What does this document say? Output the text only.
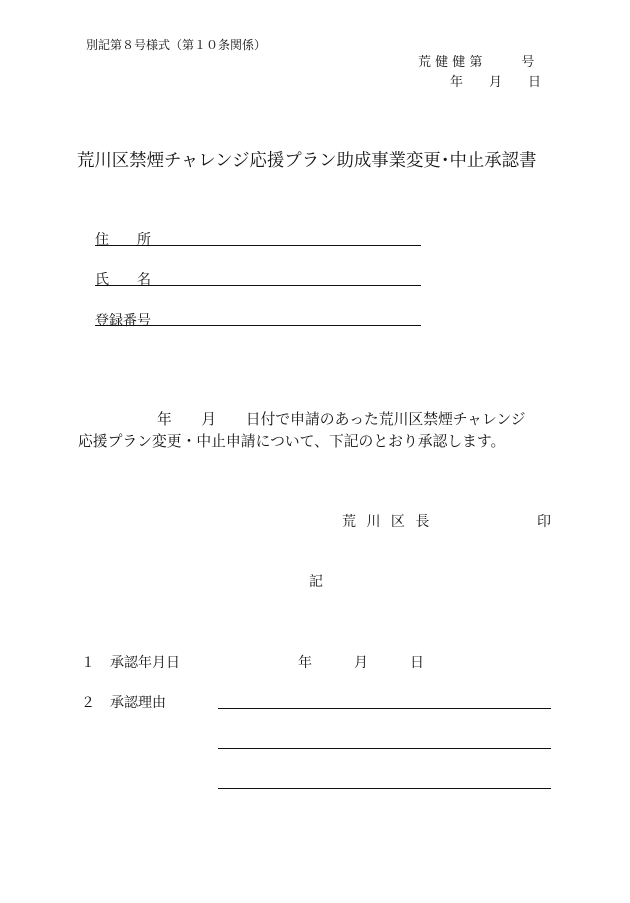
別記第８号様式（第１０条関係）
荒 健 健 第　　　号
年　　月　　日
荒川区禁煙チャレンジ応援プラン助成事業変更･中止承認書
住　　所
氏　　名
登録番号
年　　月　　日付で申請のあった荒川区禁煙チャレンジ
応援プラン変更・中止申請について、下記のとおり承認します。
荒 川 区 長	印
記
１ 承認年月日	年　　　月　　　日
２ 承認理由
